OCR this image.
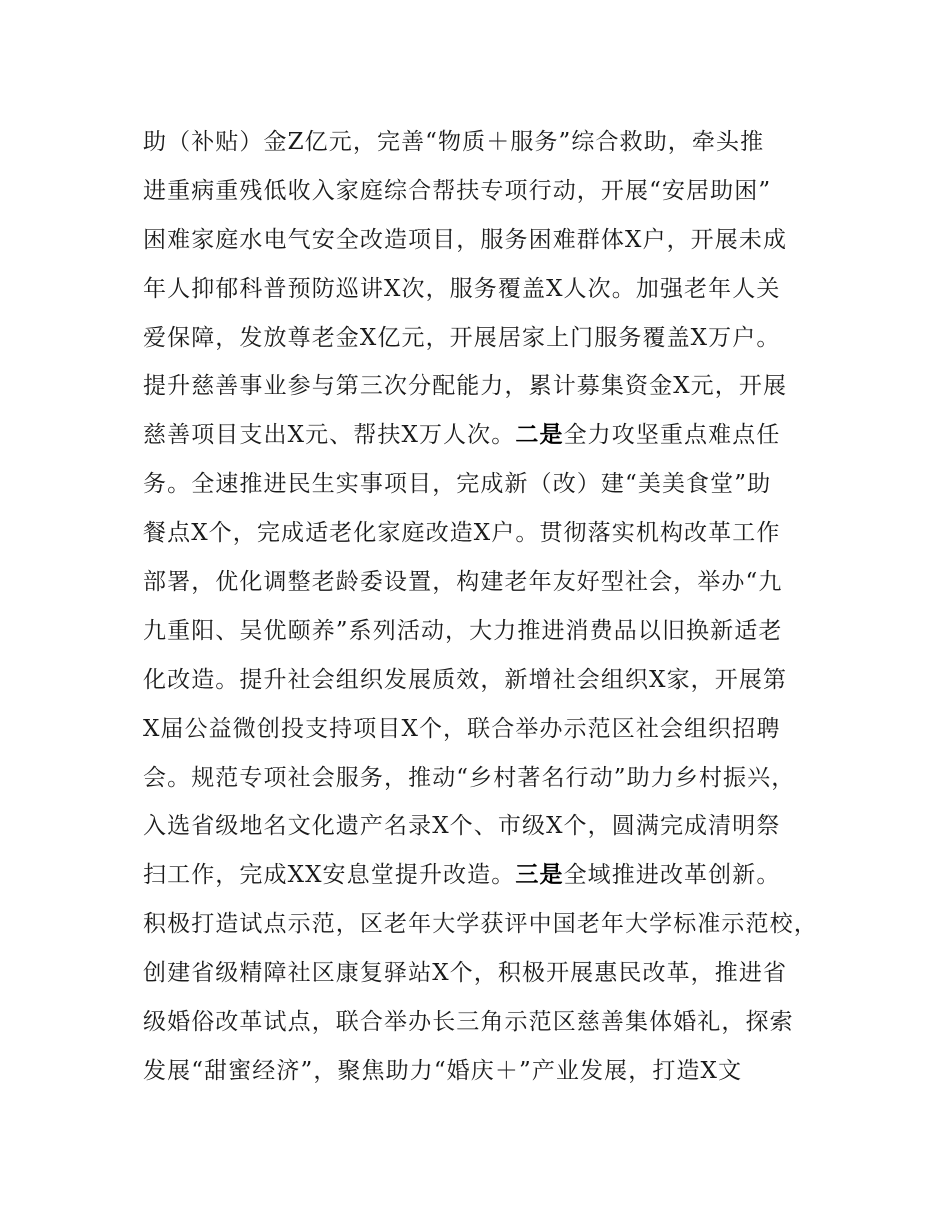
助（补贴）金Z亿元，完善“物质＋服务”综合救助，牵头推
进重病重残低收入家庭综合帮扶专项行动，开展“安居助困”
困难家庭水电气安全改造项目，服务困难群体X户，开展未成
年人抑郁科普预防巡讲X次，服务覆盖X人次。加强老年人关
爱保障，发放尊老金X亿元，开展居家上门服务覆盖X万户。
提升慈善事业参与第三次分配能力，累计募集资金X元，开展
慈善项目支出X元、帮扶X万人次。二是全力攻坚重点难点任
务。全速推进民生实事项目，完成新（改）建“美美食堂”助
餐点X个，完成适老化家庭改造X户。贯彻落实机构改革工作
部署，优化调整老龄委设置，构建老年友好型社会，举办“九
九重阳、吴优颐养”系列活动，大力推进消费品以旧换新适老
化改造。提升社会组织发展质效，新增社会组织X家，开展第
X届公益微创投支持项目X个，联合举办示范区社会组织招聘
会。规范专项社会服务，推动“乡村著名行动”助力乡村振兴，
入选省级地名文化遗产名录X个、市级X个，圆满完成清明祭
扫工作，完成XX安息堂提升改造。三是全域推进改革创新。
积极打造试点示范，区老年大学获评中国老年大学标准示范校，
创建省级精障社区康复驿站X个，积极开展惠民改革，推进省
级婚俗改革试点，联合举办长三角示范区慈善集体婚礼，探索
发展“甜蜜经济”，聚焦助力“婚庆＋”产业发展，打造X文
